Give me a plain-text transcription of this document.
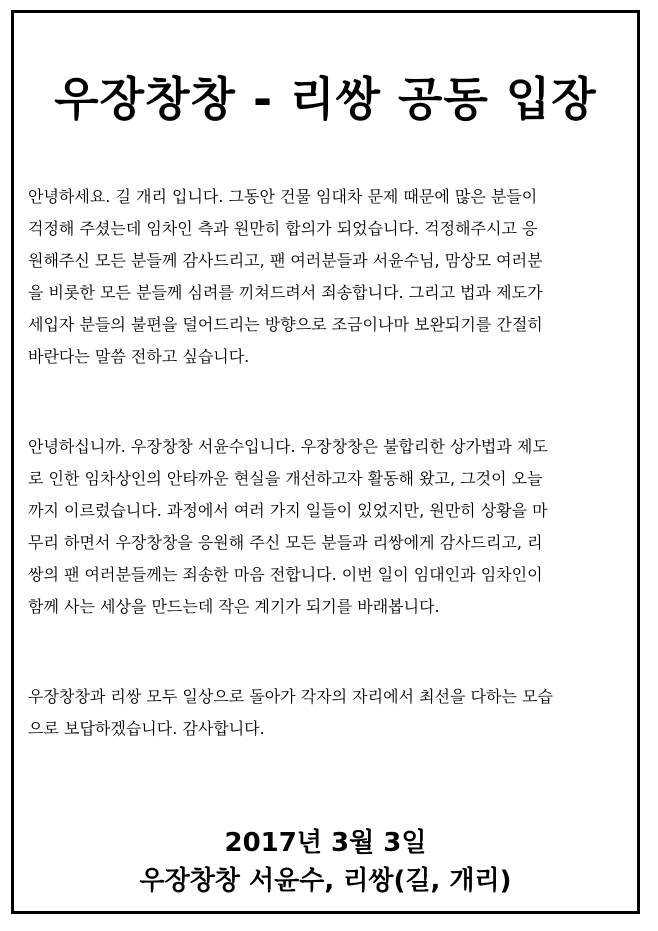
우장창창 - 리쌍 공동 입장

안녕하세요. 길 개리 입니다. 그동안 건물 임대차 문제 때문에 많은 분들이
걱정해 주셨는데 임차인 측과 원만히 합의가 되었습니다. 걱정해주시고 응
원해주신 모든 분들께 감사드리고, 팬 여러분들과 서윤수님, 맘상모 여러분
을 비롯한 모든 분들께 심려를 끼쳐드려서 죄송합니다. 그리고 법과 제도가
세입자 분들의 불편을 덜어드리는 방향으로 조금이나마 보완되기를 간절히
바란다는 말씀 전하고 싶습니다.

안녕하십니까. 우장창창 서윤수입니다. 우장창창은 불합리한 상가법과 제도
로 인한 임차상인의 안타까운 현실을 개선하고자 활동해 왔고, 그것이 오늘
까지 이르렀습니다. 과정에서 여러 가지 일들이 있었지만, 원만히 상황을 마
무리 하면서 우장창창을 응원해 주신 모든 분들과 리쌍에게 감사드리고, 리
쌍의 팬 여러분들께는 죄송한 마음 전합니다. 이번 일이 임대인과 임차인이
함께 사는 세상을 만드는데 작은 계기가 되기를 바래봅니다.

우장창창과 리쌍 모두 일상으로 돌아가 각자의 자리에서 최선을 다하는 모습
으로 보답하겠습니다. 감사합니다.

2017년 3월 3일
우장창창 서윤수, 리쌍(길, 개리)
